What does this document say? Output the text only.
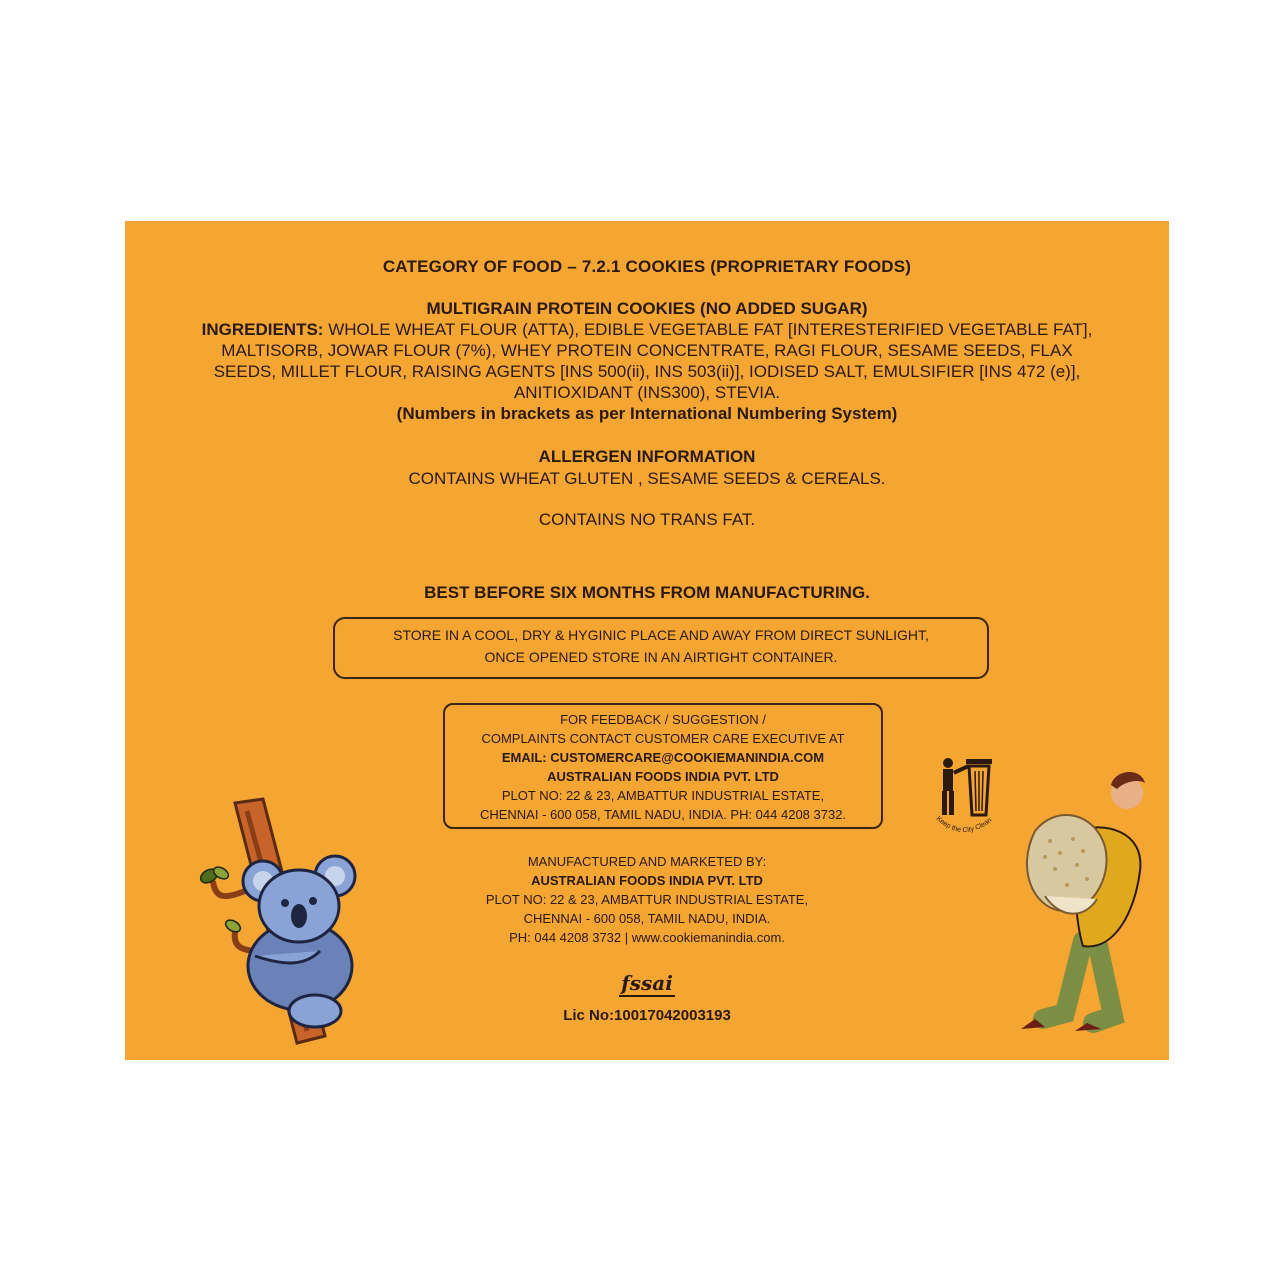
CATEGORY OF FOOD – 7.2.1 COOKIES (PROPRIETARY FOODS)
MULTIGRAIN PROTEIN COOKIES (NO ADDED SUGAR)
INGREDIENTS: WHOLE WHEAT FLOUR (ATTA), EDIBLE VEGETABLE FAT [INTERESTERIFIED VEGETABLE FAT], MALTISORB, JOWAR FLOUR (7%), WHEY PROTEIN CONCENTRATE, RAGI FLOUR, SESAME SEEDS, FLAX SEEDS, MILLET FLOUR, RAISING AGENTS [INS 500(ii), INS 503(ii)], IODISED SALT, EMULSIFIER [INS 472 (e)], ANITIOXIDANT (INS300), STEVIA.
(Numbers in brackets as per International Numbering System)
ALLERGEN INFORMATION
CONTAINS WHEAT GLUTEN , SESAME SEEDS & CEREALS.
CONTAINS NO TRANS FAT.
BEST BEFORE SIX MONTHS FROM MANUFACTURING.
STORE IN A COOL, DRY & HYGINIC PLACE AND AWAY FROM DIRECT SUNLIGHT,
ONCE OPENED STORE IN AN AIRTIGHT CONTAINER.
FOR FEEDBACK / SUGGESTION /
COMPLAINTS CONTACT CUSTOMER CARE EXECUTIVE AT
EMAIL: CUSTOMERCARE@COOKIEMANINDIA.COM
AUSTRALIAN FOODS INDIA PVT. LTD
PLOT NO: 22 & 23, AMBATTUR INDUSTRIAL ESTATE,
CHENNAI - 600 058, TAMIL NADU, INDIA. PH: 044 4208 3732.
MANUFACTURED AND MARKETED BY:
AUSTRALIAN FOODS INDIA PVT. LTD
PLOT NO: 22 & 23, AMBATTUR INDUSTRIAL ESTATE,
CHENNAI - 600 058, TAMIL NADU, INDIA.
PH: 044 4208 3732 | www.cookiemanindia.com.
fssai
Lic No:10017042003193
Keep the City Clean
